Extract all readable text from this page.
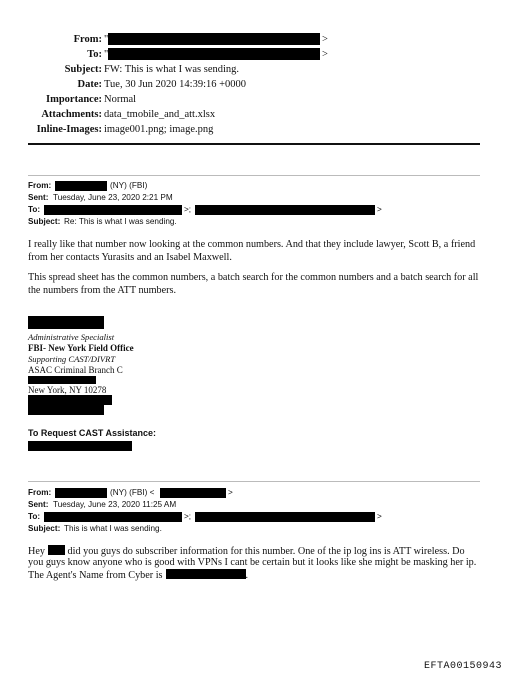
From: "	>
To: "	>
Subject: FW: This is what I was sending.
Date: Tue, 30 Jun 2020 14:39:16 +0000
Importance: Normal
Attachments: data_tmobile_and_att.xlsx
Inline-Images: image001.png; image.png
From:	(NY) (FBI)
Sent: Tuesday, June 23, 2020 2:21 PM
To:	>;	>
Subject: Re: This is what I was sending.
I really like that number now looking at the common numbers. And that they include lawyer, Scott B, a friend from her contacts Yurasits and an Isabel Maxwell.
This spread sheet has the common numbers, a batch search for the common numbers and a batch search for all the numbers from the ATT numbers.
Administrative Specialist
FBI- New York Field Office
Supporting CAST/DIVRT
ASAC Criminal Branch C
New York, NY 10278
To Request CAST Assistance:
From:	(NY) (FBI) <	>
Sent: Tuesday, June 23, 2020 11:25 AM
To:	>;	>
Subject: This is what I was sending.
Hey did you guys do subscriber information for this number. One of the ip log ins is ATT wireless. Do
you guys know anyone who is good with VPNs I cant be certain but it looks like she might be masking her ip.
The Agent's Name from Cyber is	.
EFTA00150943
